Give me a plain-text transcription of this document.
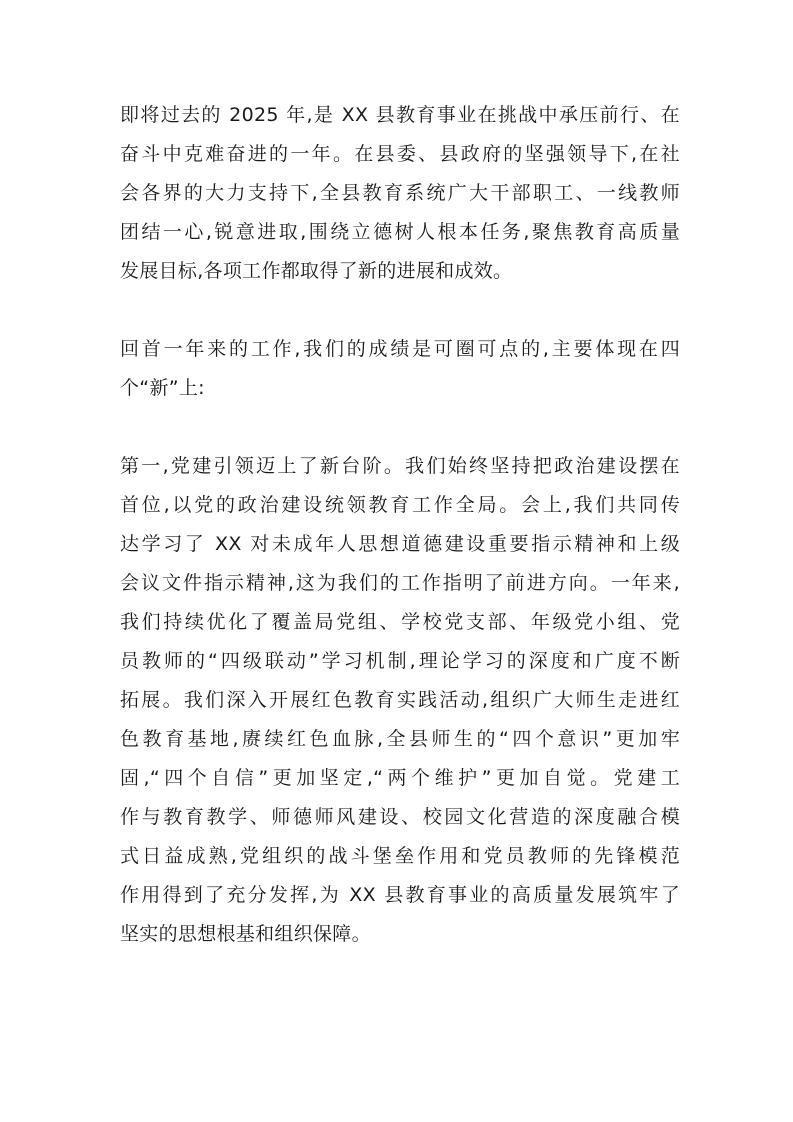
即将过去的 2025 年,是 XX 县教育事业在挑战中承压前行、在
奋斗中克难奋进的一年。在县委、县政府的坚强领导下,在社
会各界的大力支持下,全县教育系统广大干部职工、一线教师
团结一心,锐意进取,围绕立德树人根本任务,聚焦教育高质量
发展目标,各项工作都取得了新的进展和成效。
回首一年来的工作,我们的成绩是可圈可点的,主要体现在四
个“新”上:
第一,党建引领迈上了新台阶。我们始终坚持把政治建设摆在
首位,以党的政治建设统领教育工作全局。会上,我们共同传
达学习了 XX 对未成年人思想道德建设重要指示精神和上级
会议文件指示精神,这为我们的工作指明了前进方向。一年来,
我们持续优化了覆盖局党组、学校党支部、年级党小组、党
员教师的“四级联动”学习机制,理论学习的深度和广度不断
拓展。我们深入开展红色教育实践活动,组织广大师生走进红
色教育基地,赓续红色血脉,全县师生的“四个意识”更加牢
固,“四个自信”更加坚定,“两个维护”更加自觉。党建工
作与教育教学、师德师风建设、校园文化营造的深度融合模
式日益成熟,党组织的战斗堡垒作用和党员教师的先锋模范
作用得到了充分发挥,为 XX 县教育事业的高质量发展筑牢了
坚实的思想根基和组织保障。
